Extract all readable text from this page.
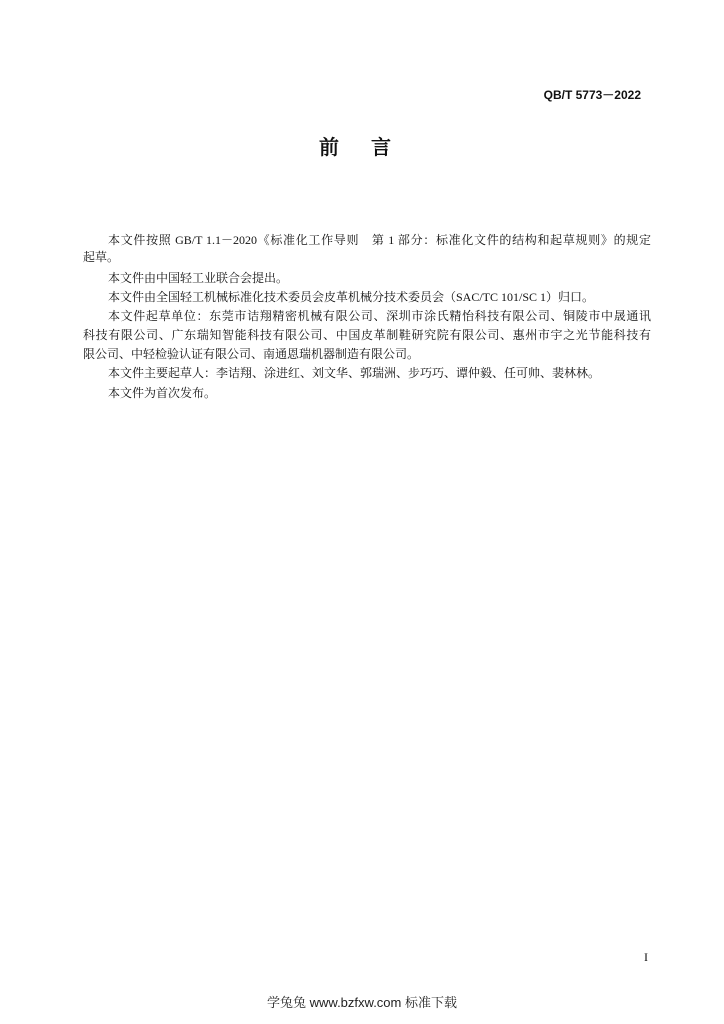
QB/T 5773－2022
前　言
本文件按照 GB/T 1.1－2020《标准化工作导则　第 1 部分：标准化文件的结构和起草规则》的规定
起草。
本文件由中国轻工业联合会提出。
本文件由全国轻工机械标准化技术委员会皮革机械分技术委员会（SAC/TC 101/SC 1）归口。
本文件起草单位：东莞市诘翔精密机械有限公司、深圳市涂氏精怡科技有限公司、铜陵市中晟通讯
科技有限公司、广东瑞知智能科技有限公司、中国皮革制鞋研究院有限公司、惠州市宇之光节能科技有
限公司、中轻检验认证有限公司、南通恩瑞机器制造有限公司。
本文件主要起草人：李诘翔、涂进红、刘文华、郭瑞洲、步巧巧、谭仲毅、任可帅、裴林林。
本文件为首次发布。
I
学兔兔 www.bzfxw.com 标准下载
